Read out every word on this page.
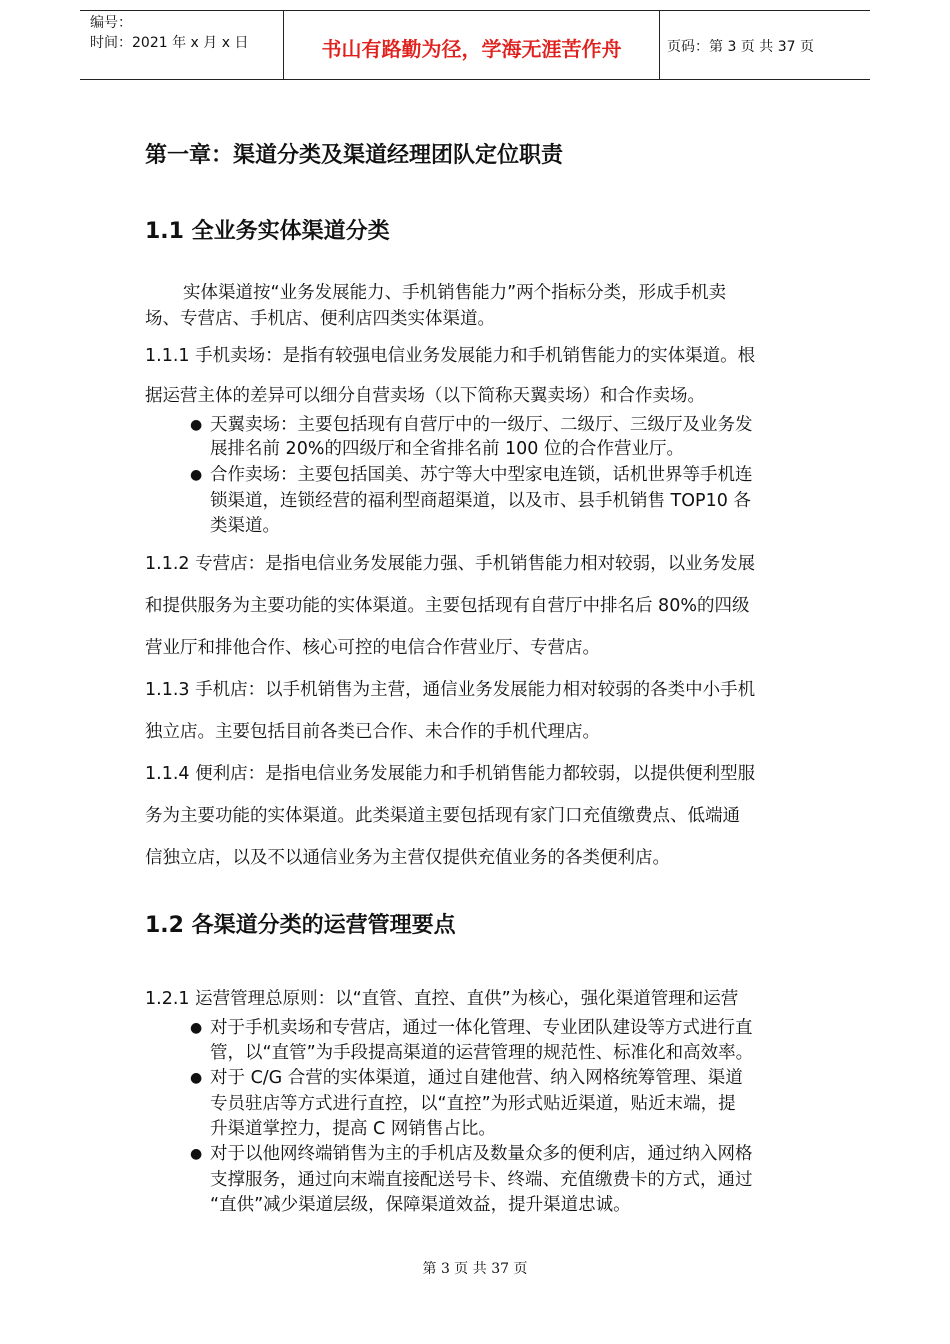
编号：
时间：2021 年 x 月 x 日	书山有路勤为径，学海无涯苦作舟	页码：第 3 页 共 37 页
第一章：渠道分类及渠道经理团队定位职责
1.1 全业务实体渠道分类
实体渠道按“业务发展能力、手机销售能力”两个指标分类，形成手机卖
场、专营店、手机店、便利店四类实体渠道。
1.1.1 手机卖场：是指有较强电信业务发展能力和手机销售能力的实体渠道。根
据运营主体的差异可以细分自营卖场（以下简称天翼卖场）和合作卖场。
● 天翼卖场：主要包括现有自营厅中的一级厅、二级厅、三级厅及业务发
展排名前 20%的四级厅和全省排名前 100 位的合作营业厅。
● 合作卖场：主要包括国美、苏宁等大中型家电连锁，话机世界等手机连
锁渠道，连锁经营的福利型商超渠道，以及市、县手机销售 TOP10 各
类渠道。
1.1.2 专营店：是指电信业务发展能力强、手机销售能力相对较弱，以业务发展
和提供服务为主要功能的实体渠道。主要包括现有自营厅中排名后 80%的四级
营业厅和排他合作、核心可控的电信合作营业厅、专营店。
1.1.3 手机店：以手机销售为主营，通信业务发展能力相对较弱的各类中小手机
独立店。主要包括目前各类已合作、未合作的手机代理店。
1.1.4 便利店：是指电信业务发展能力和手机销售能力都较弱，以提供便利型服
务为主要功能的实体渠道。此类渠道主要包括现有家门口充值缴费点、低端通
信独立店，以及不以通信业务为主营仅提供充值业务的各类便利店。
1.2 各渠道分类的运营管理要点
1.2.1 运营管理总原则：以“直管、直控、直供”为核心，强化渠道管理和运营
● 对于手机卖场和专营店，通过一体化管理、专业团队建设等方式进行直
管，以“直管”为手段提高渠道的运营管理的规范性、标准化和高效率。
● 对于 C/G 合营的实体渠道，通过自建他营、纳入网格统筹管理、渠道
专员驻店等方式进行直控，以“直控”为形式贴近渠道，贴近末端，提
升渠道掌控力，提高 C 网销售占比。
● 对于以他网终端销售为主的手机店及数量众多的便利店，通过纳入网格
支撑服务，通过向末端直接配送号卡、终端、充值缴费卡的方式，通过
“直供”减少渠道层级，保障渠道效益，提升渠道忠诚。
第 3 页 共 37 页
